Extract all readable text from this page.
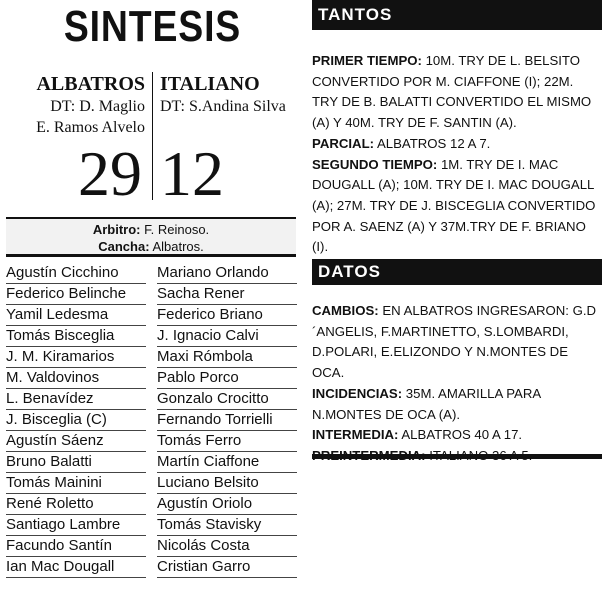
SINTESIS
ALBATROS
DT: D. Maglio
E. Ramos Alvelo
ITALIANO
DT: S.Andina Silva
29 12
Arbitro: F. Reinoso.
Cancha: Albatros.
Agustín Cicchino
Federico Belinche
Yamil Ledesma
Tomás Bisceglia
J. M. Kiramarios
M. Valdovinos
L. Benavídez
J. Bisceglia (C)
Agustín Sáenz
Bruno Balatti
Tomás Mainini
René Roletto
Santiago Lambre
Facundo Santín
Ian Mac Dougall
Mariano Orlando
Sacha Rener
Federico Briano
J. Ignacio Calvi
Maxi Rómbola
Pablo Porco
Gonzalo Crocitto
Fernando Torrielli
Tomás Ferro
Martín Ciaffone
Luciano Belsito
Agustín Oriolo
Tomás Stavisky
Nicolás Costa
Cristian Garro
TANTOS
PRIMER TIEMPO: 10M. TRY DE L. BELSITO CONVERTIDO POR M. CIAFFONE (I); 22M. TRY DE B. BALATTI CONVERTIDO EL MISMO (A) Y 40M. TRY DE F. SANTIN (A).
PARCIAL: ALBATROS 12 A 7.
SEGUNDO TIEMPO: 1M. TRY DE I. MAC DOUGALL (A); 10M. TRY DE I. MAC DOUGALL (A); 27M. TRY DE J. BISCEGLIA CONVERTIDO POR A. SAENZ (A) Y 37M.TRY DE F. BRIANO (I).
DATOS
CAMBIOS: EN ALBATROS INGRESARON: G.D´ANGELIS, F.MARTINETTO, S.LOMBARDI, D.POLARI, E.ELIZONDO Y N.MONTES DE OCA.
INCIDENCIAS: 35M. AMARILLA PARA N.MONTES DE OCA (A).
INTERMEDIA: ALBATROS 40 A 17.
